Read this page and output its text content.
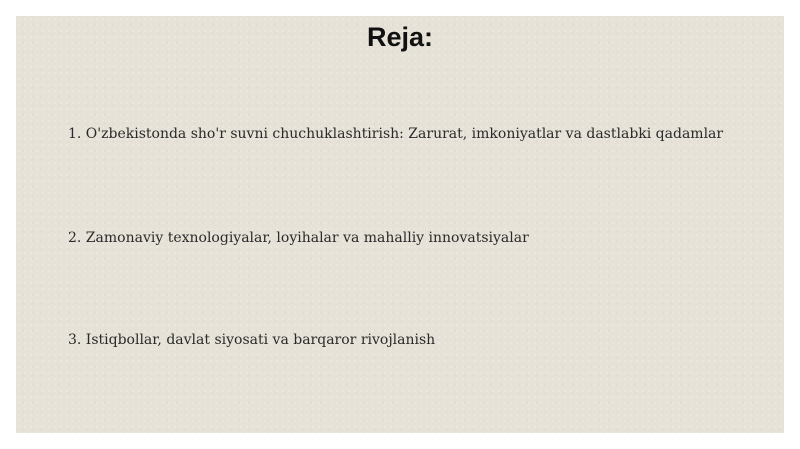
Reja:
1. O'zbekistonda sho'r suvni chuchuklashtirish: Zarurat, imkoniyatlar va dastlabki qadamlar
2. Zamonaviy texnologiyalar, loyihalar va mahalliy innovatsiyalar
3. Istiqbollar, davlat siyosati va barqaror rivojlanish
